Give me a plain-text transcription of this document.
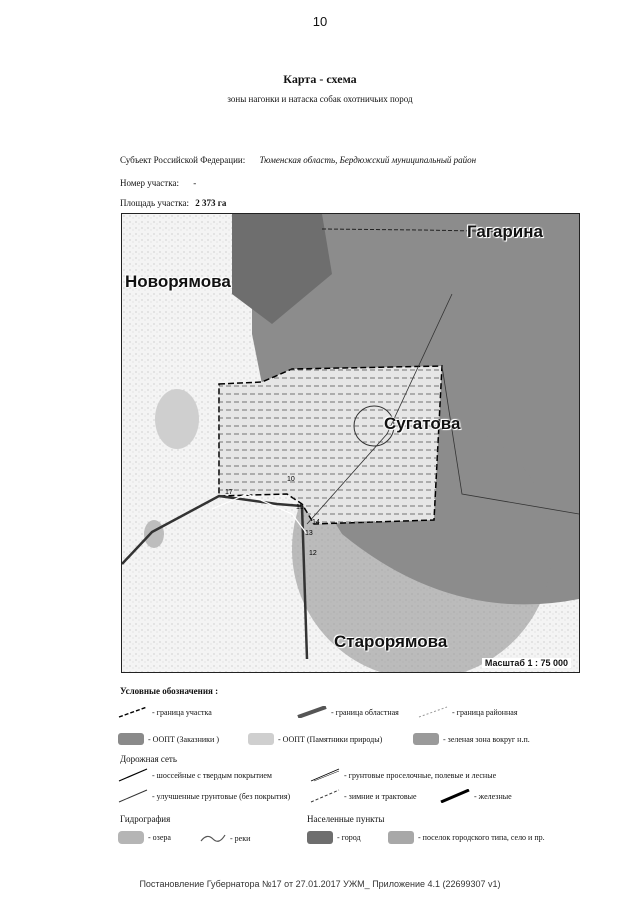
10
Карта - схема
зоны нагонки и натаска собак охотничьих пород
Субъект Российской Федерации: Тюменская область, Бердюжский муниципальный район
Номер участка: -
Площадь участка: 2 373 га
Новорямова
Гагарина
Сугатова
Старорямова
12
13
14
15
17
10
Масштаб 1 : 75 000
Условные обозначения :
- граница участка	- граница областная	- граница районная
- ООПТ (Заказники )	- ООПТ (Памятники природы)	- зеленая зона вокруг н.п.
Дорожная сеть
- шоссейные с твердым покрытием	- грунтовые проселочные, полевые и лесные
- улучшенные грунтовые (без покрытия)	- зимние и трактовые	- железные
Гидрография	Населенные пункты
- озера	- реки	- город	- поселок городского типа, село и пр.
Постановление Губернатора №17 от 27.01.2017 УЖМ_ Приложение 4.1 (22699307 v1)
